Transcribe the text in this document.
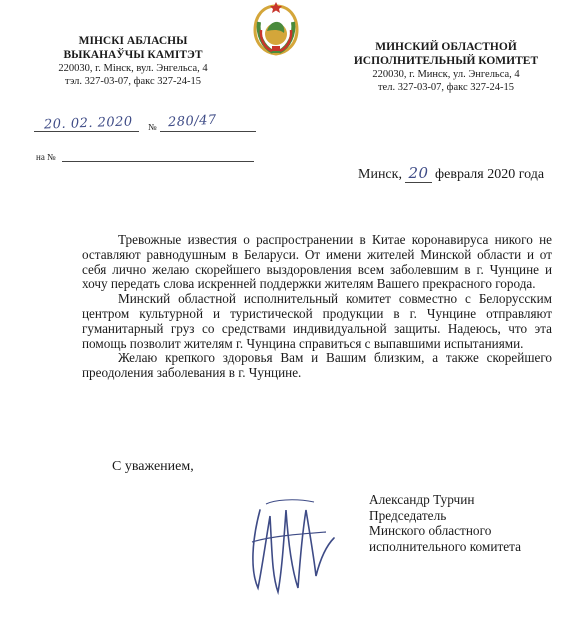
МІНСКІ АБЛАСНЫ
ВЫКАНАЎЧЫ КАМІТЭТ
220030, г. Мінск, вул. Энгельса, 4
тэл. 327-03-07, факс 327-24-15
МИНСКИЙ ОБЛАСТНОЙ
ИСПОЛНИТЕЛЬНЫЙ КОМИТЕТ
220030, г. Минск, ул. Энгельса, 4
тел. 327-03-07, факс 327-24-15
20. 02. 2020 № 280/47
на №
Минск, 20 февраля 2020 года

Тревожные известия о распространении в Китае коронавируса никого не оставляют равнодушным в Беларуси. От имени жителей Минской области и от себя лично желаю скорейшего выздоровления всем заболевшим в г. Чунцине и хочу передать слова искренней поддержки жителям Вашего прекрасного города.

Минский областной исполнительный комитет совместно с Белорусским центром культурной и туристической продукции в г. Чунцине отправляют гуманитарный груз со средствами индивидуальной защиты. Надеюсь, что эта помощь позволит жителям г. Чунцина справиться с выпавшими испытаниями.

Желаю крепкого здоровья Вам и Вашим близким, а также скорейшего преодоления заболевания в г. Чунцине.

С уважением,
Александр Турчин
Председатель
Минского областного
исполнительного комитета
